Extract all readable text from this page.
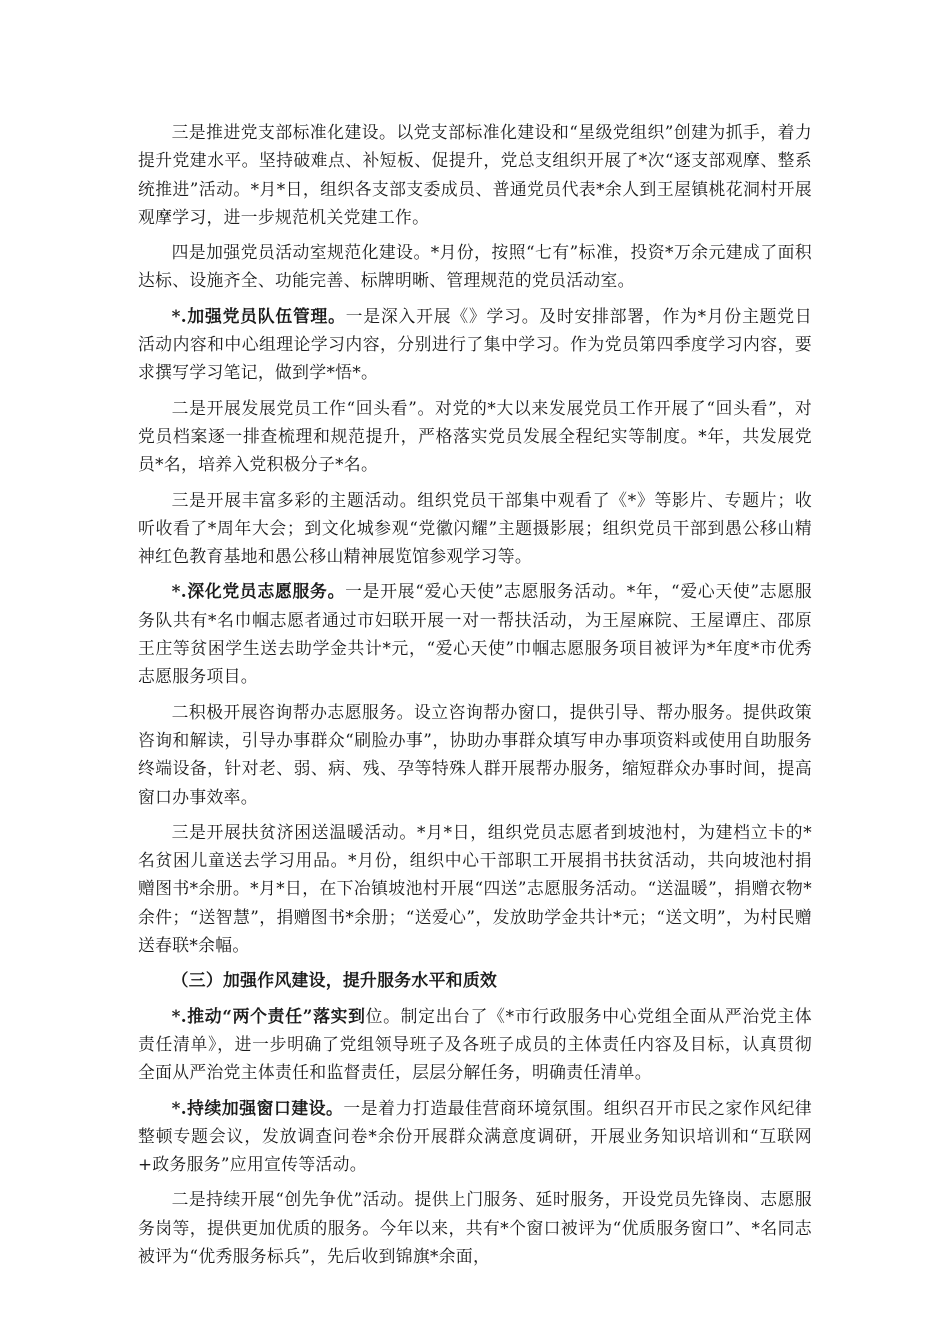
三是推进党支部标准化建设。以党支部标准化建设和“星级党组织”创建为抓手，着力提升党建水平。坚持破难点、补短板、促提升，党总支组织开展了*次“逐支部观摩、整系统推进”活动。*月*日，组织各支部支委成员、普通党员代表*余人到王屋镇桃花洞村开展观摩学习，进一步规范机关党建工作。

四是加强党员活动室规范化建设。*月份，按照“七有”标准，投资*万余元建成了面积达标、设施齐全、功能完善、标牌明晰、管理规范的党员活动室。

*.加强党员队伍管理。一是深入开展《》学习。及时安排部署，作为*月份主题党日活动内容和中心组理论学习内容，分别进行了集中学习。作为党员第四季度学习内容，要求撰写学习笔记，做到学*悟*。

二是开展发展党员工作“回头看”。对党的*大以来发展党员工作开展了“回头看”，对党员档案逐一排查梳理和规范提升，严格落实党员发展全程纪实等制度。*年，共发展党员*名，培养入党积极分子*名。

三是开展丰富多彩的主题活动。组织党员干部集中观看了《*》等影片、专题片；收听收看了*周年大会；到文化城参观“党徽闪耀”主题摄影展；组织党员干部到愚公移山精神红色教育基地和愚公移山精神展览馆参观学习等。

*.深化党员志愿服务。一是开展“爱心天使”志愿服务活动。*年，“爱心天使”志愿服务队共有*名巾帼志愿者通过市妇联开展一对一帮扶活动，为王屋麻院、王屋谭庄、邵原王庄等贫困学生送去助学金共计*元，“爱心天使”巾帼志愿服务项目被评为*年度*市优秀志愿服务项目。

二积极开展咨询帮办志愿服务。设立咨询帮办窗口，提供引导、帮办服务。提供政策咨询和解读，引导办事群众“刷脸办事”，协助办事群众填写申办事项资料或使用自助服务终端设备，针对老、弱、病、残、孕等特殊人群开展帮办服务，缩短群众办事时间，提高窗口办事效率。

三是开展扶贫济困送温暖活动。*月*日，组织党员志愿者到坡池村，为建档立卡的*名贫困儿童送去学习用品。*月份，组织中心干部职工开展捐书扶贫活动，共向坡池村捐赠图书*余册。*月*日，在下冶镇坡池村开展“四送”志愿服务活动。“送温暖”，捐赠衣物*余件；“送智慧”，捐赠图书*余册；“送爱心”，发放助学金共计*元；“送文明”，为村民赠送春联*余幅。

（三）加强作风建设，提升服务水平和质效

*.推动“两个责任”落实到位。制定出台了《*市行政服务中心党组全面从严治党主体责任清单》，进一步明确了党组领导班子及各班子成员的主体责任内容及目标，认真贯彻全面从严治党主体责任和监督责任，层层分解任务，明确责任清单。

*.持续加强窗口建设。一是着力打造最佳营商环境氛围。组织召开市民之家作风纪律整顿专题会议，发放调查问卷*余份开展群众满意度调研，开展业务知识培训和“互联网+政务服务”应用宣传等活动。

二是持续开展“创先争优”活动。提供上门服务、延时服务，开设党员先锋岗、志愿服务岗等，提供更加优质的服务。今年以来，共有*个窗口被评为“优质服务窗口”、*名同志被评为“优秀服务标兵”，先后收到锦旗*余面，
